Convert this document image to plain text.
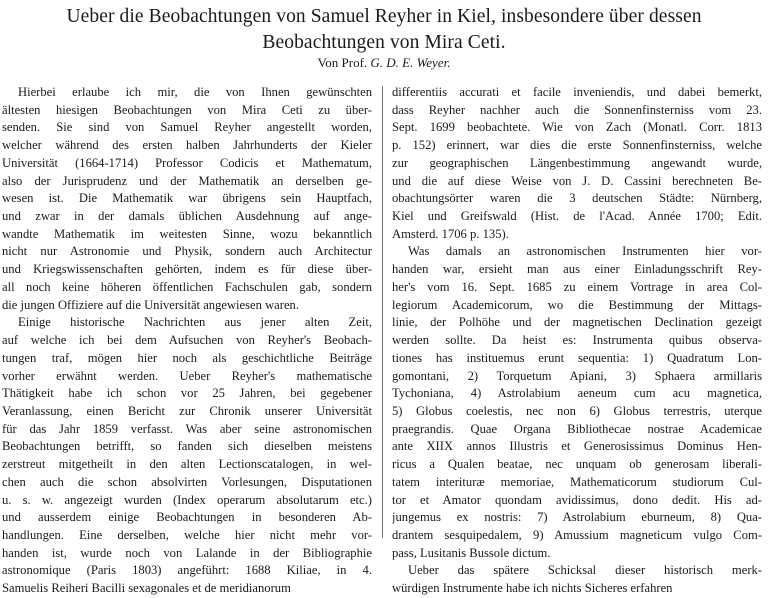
Ueber die Beobachtungen von Samuel Reyher in Kiel, insbesondere über dessen
Beobachtungen von Mira Ceti.
Von Prof. G. D. E. Weyer.
Hierbei erlaube ich mir, die von Ihnen gewünschten
ältesten hiesigen Beobachtungen von Mira Ceti zu über-
senden. Sie sind von Samuel Reyher angestellt worden,
welcher während des ersten halben Jahrhunderts der Kieler
Universität (1664-1714) Professor Codicis et Mathematum,
also der Jurisprudenz und der Mathematik an derselben ge-
wesen ist. Die Mathematik war übrigens sein Hauptfach,
und zwar in der damals üblichen Ausdehnung auf ange-
wandte Mathematik im weitesten Sinne, wozu bekanntlich
nicht nur Astronomie und Physik, sondern auch Architectur
und Kriegswissenschaften gehörten, indem es für diese über-
all noch keine höheren öffentlichen Fachschulen gab, sondern
die jungen Offiziere auf die Universität angewiesen waren.
Einige historische Nachrichten aus jener alten Zeit,
auf welche ich bei dem Aufsuchen von Reyher's Beobach-
tungen traf, mögen hier noch als geschichtliche Beiträge
vorher erwähnt werden. Ueber Reyher's mathematische
Thätigkeit habe ich schon vor 25 Jahren, bei gegebener
Veranlassung, einen Bericht zur Chronik unserer Universität
für das Jahr 1859 verfasst. Was aber seine astronomischen
Beobachtungen betrifft, so fanden sich dieselben meistens
zerstreut mitgetheilt in den alten Lectionscatalogen, in wel-
chen auch die schon absolvirten Vorlesungen, Disputationen
u. s. w. angezeigt wurden (Index operarum absolutarum etc.)
und ausserdem einige Beobachtungen in besonderen Ab-
handlungen. Eine derselben, welche hier nicht mehr vor-
handen ist, wurde noch von Lalande in der Bibliographie
astronomique (Paris 1803) angeführt: 1688 Kiliae, in 4.
Samuelis Reiheri Bacilli sexagonales et de meridianorum
differentiis accurati et facile inveniendis, und dabei bemerkt,
dass Reyher nachher auch die Sonnenfinsterniss vom 23.
Sept. 1699 beobachtete. Wie von Zach (Monatl. Corr. 1813
p. 152) erinnert, war dies die erste Sonnenfinsterniss, welche
zur geographischen Längenbestimmung angewandt wurde,
und die auf diese Weise von J. D. Cassini berechneten Be-
obachtungsörter waren die 3 deutschen Städte: Nürnberg,
Kiel und Greifswald (Hist. de l'Acad. Année 1700; Edit.
Amsterd. 1706 p. 135).
Was damals an astronomischen Instrumenten hier vor-
handen war, ersieht man aus einer Einladungsschrift Rey-
her's vom 16. Sept. 1685 zu einem Vortrage in area Col-
legiorum Academicorum, wo die Bestimmung der Mittags-
linie, der Polhöhe und der magnetischen Declination gezeigt
werden sollte. Da heist es: Instrumenta quibus observa-
tiones has instituemus erunt sequentia: 1) Quadratum Lon-
gomontani, 2) Torquetum Apiani, 3) Sphaera armillaris
Tychoniana, 4) Astrolabium aeneum cum acu magnetica,
5) Globus coelestis, nec non 6) Globus terrestris, uterque
praegrandis. Quae Organa Bibliothecae nostrae Academicae
ante XIIX annos Illustris et Generosissimus Dominus Hen-
ricus a Qualen beatae, nec unquam ob generosam liberali-
tatem interituræ memoriae, Mathematicorum studiorum Cul-
tor et Amator quondam avidissimus, dono dedit. His ad-
jungemus ex nostris: 7) Astrolabium eburneum, 8) Qua-
drantem sesquipedalem, 9) Amussium magneticum vulgo Com-
pass, Lusitanis Bussole dictum.
Ueber das spätere Schicksal dieser historisch merk-
würdigen Instrumente habe ich nichts Sicheres erfahren
